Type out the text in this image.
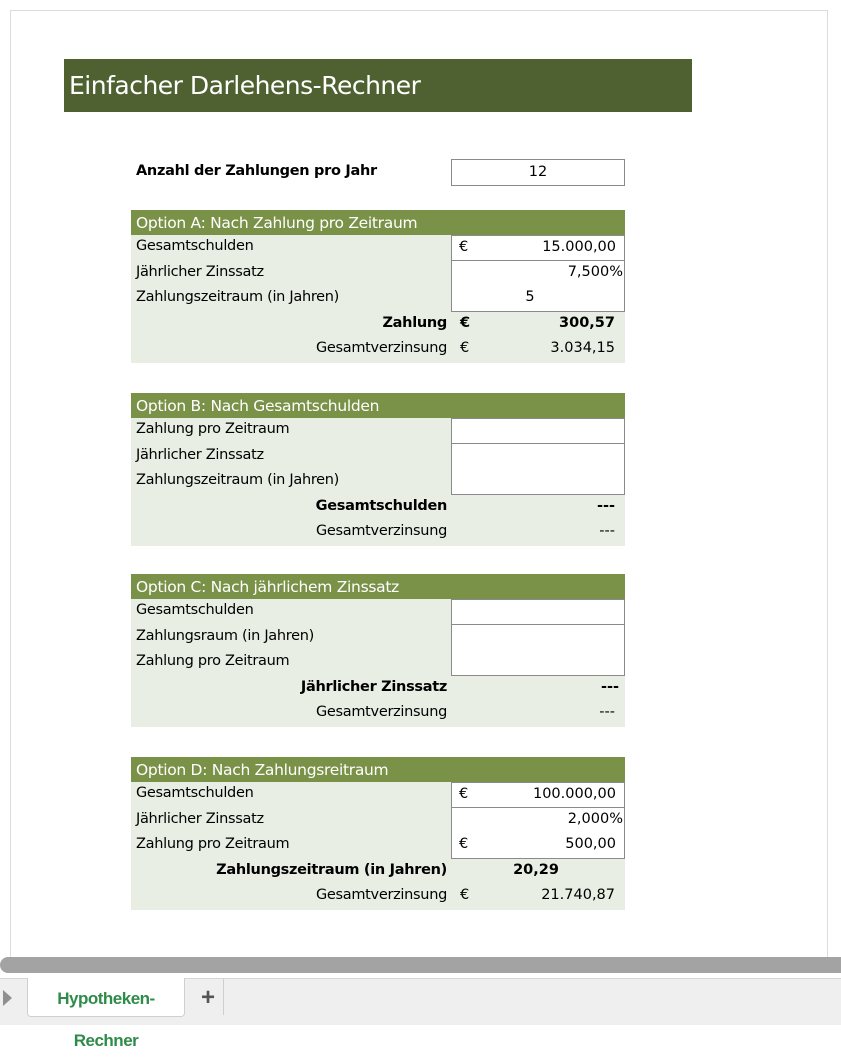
Einfacher Darlehens-Rechner
Anzahl der Zahlungen pro Jahr	12
Option A: Nach Zahlung pro Zeitraum
Gesamtschulden	€	15.000,00
Jährlicher Zinssatz	7,500%
Zahlungszeitraum (in Jahren)	5
Zahlung €	300,57
Gesamtverzinsung €	3.034,15
Option B: Nach Gesamtschulden
Zahlung pro Zeitraum
Jährlicher Zinssatz
Zahlungszeitraum (in Jahren)
Gesamtschulden	---
Gesamtverzinsung	---
Option C: Nach jährlichem Zinssatz
Gesamtschulden
Zahlungsraum (in Jahren)
Zahlung pro Zeitraum
Jährlicher Zinssatz	---
Gesamtverzinsung	---
Option D: Nach Zahlungsreitraum
Gesamtschulden	€	100.000,00
Jährlicher Zinssatz	2,000%
Zahlung pro Zeitraum	€	500,00
Zahlungszeitraum (in Jahren)	20,29
Gesamtverzinsung €	21.740,87
Hypotheken-Rechner
+
